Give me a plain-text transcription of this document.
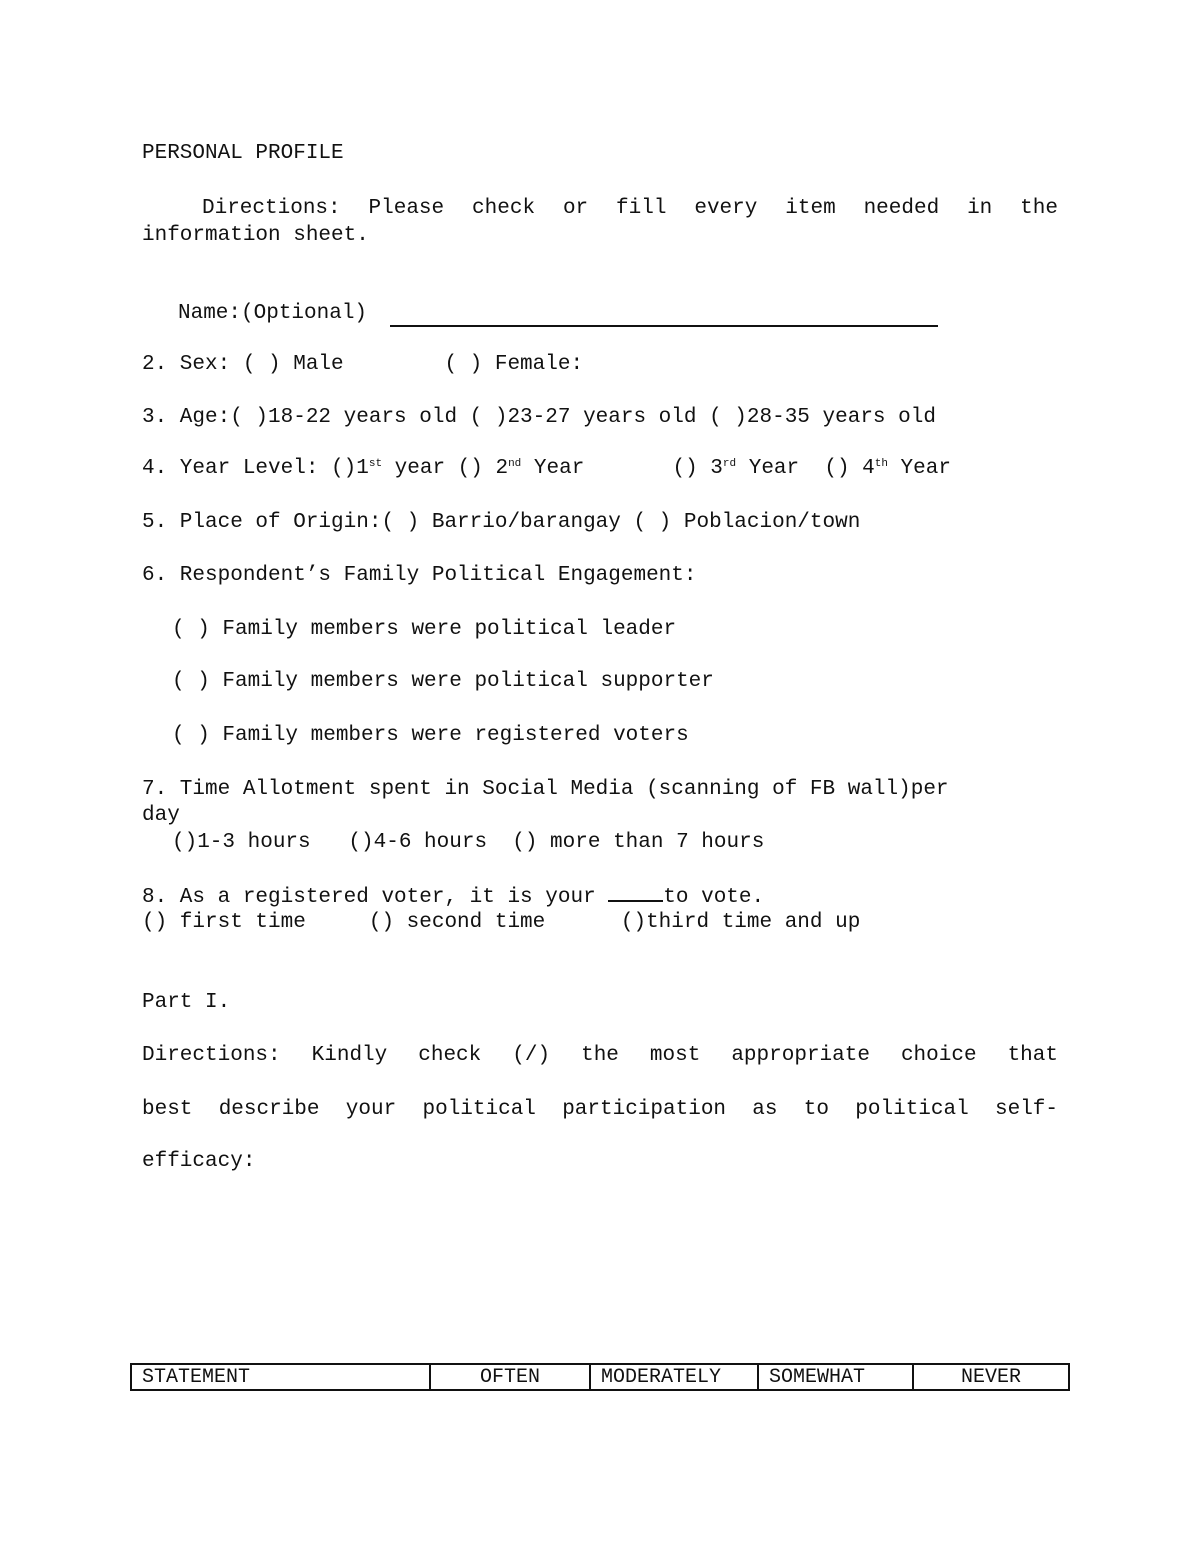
PERSONAL PROFILE
Directions: Please check or fill every item needed in the information sheet.
Name:(Optional)
2. Sex: ( ) Male        ( ) Female:
3. Age:( )18-22 years old ( )23-27 years old ( )28-35 years old
4. Year Level: ()1st year () 2nd Year       () 3rd Year  () 4th Year
5. Place of Origin:( ) Barrio/barangay ( ) Poblacion/town
6. Respondent’s Family Political Engagement:
( ) Family members were political leader
( ) Family members were political supporter
( ) Family members were registered voters
7. Time Allotment spent in Social Media (scanning of FB wall)per
day
()1-3 hours   ()4-6 hours  () more than 7 hours
8. As a registered voter, it is your	to vote.
() first time     () second time      ()third time and up
Part I.
Directions: Kindly check (/) the most appropriate choice that
best describe your political participation as to political self-
efficacy:
STATEMENT	OFTEN	MODERATELY	SOMEWHAT	NEVER
